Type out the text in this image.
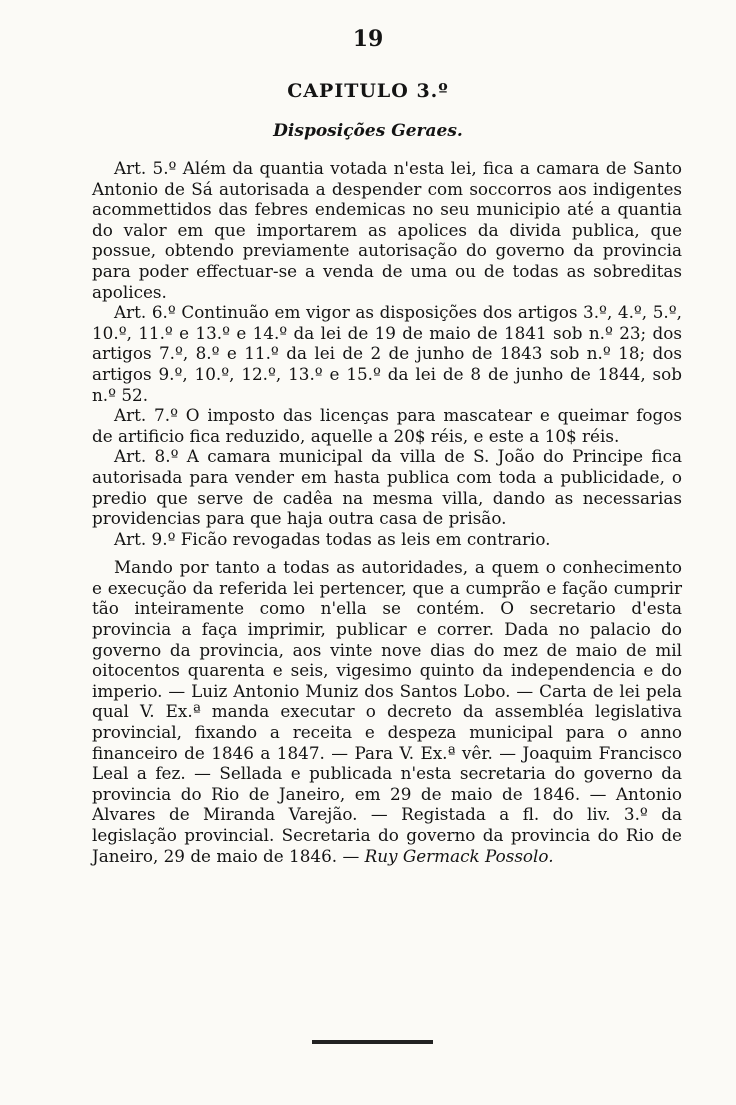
19
CAPITULO 3.º
Disposições Geraes.

Art. 5.º Além da quantia votada n'esta lei, fica a camara de Santo Antonio de Sá autorisada a despender com soccorros aos indigentes acommettidos das febres endemicas no seu municipio até a quantia do valor em que importarem as apolices da divida publica, que possue, obtendo previamente autorisação do governo da provincia para poder effectuar-se a venda de uma ou de todas as sobreditas apolices.

Art. 6.º Continuão em vigor as disposições dos artigos 3.º, 4.º, 5.º, 10.º, 11.º e 13.º e 14.º da lei de 19 de maio de 1841 sob n.º 23; dos artigos 7.º, 8.º e 11.º da lei de 2 de junho de 1843 sob n.º 18; dos artigos 9.º, 10.º, 12.º, 13.º e 15.º da lei de 8 de junho de 1844, sob n.º 52.

Art. 7.º O imposto das licenças para mascatear e queimar fogos de artificio fica reduzido, aquelle a 20$ réis, e este a 10$ réis.

Art. 8.º A camara municipal da villa de S. João do Principe fica autorisada para vender em hasta publica com toda a publicidade, o predio que serve de cadêa na mesma villa, dando as necessarias providencias para que haja outra casa de prisão.

Art. 9.º Ficão revogadas todas as leis em contrario.

Mando por tanto a todas as autoridades, a quem o conhecimento e execução da referida lei pertencer, que a cumprão e fação cumprir tão inteiramente como n'ella se contém. O secretario d'esta provincia a faça imprimir, publicar e correr. Dada no palacio do governo da provincia, aos vinte nove dias do mez de maio de mil oitocentos quarenta e seis, vigesimo quinto da independencia e do imperio. — Luiz Antonio Muniz dos Santos Lobo. — Carta de lei pela qual V. Ex.ª manda executar o decreto da assembléa legislativa provincial, fixando a receita e despeza municipal para o anno financeiro de 1846 a 1847. — Para V. Ex.ª vêr. — Joaquim Francisco Leal a fez. — Sellada e publicada n'esta secretaria do governo da provincia do Rio de Janeiro, em 29 de maio de 1846. — Antonio Alvares de Miranda Varejão. — Registada a fl. do liv. 3.º da legislação provincial. Secretaria do governo da provincia do Rio de Janeiro, 29 de maio de 1846. — Ruy Germack Possolo.
